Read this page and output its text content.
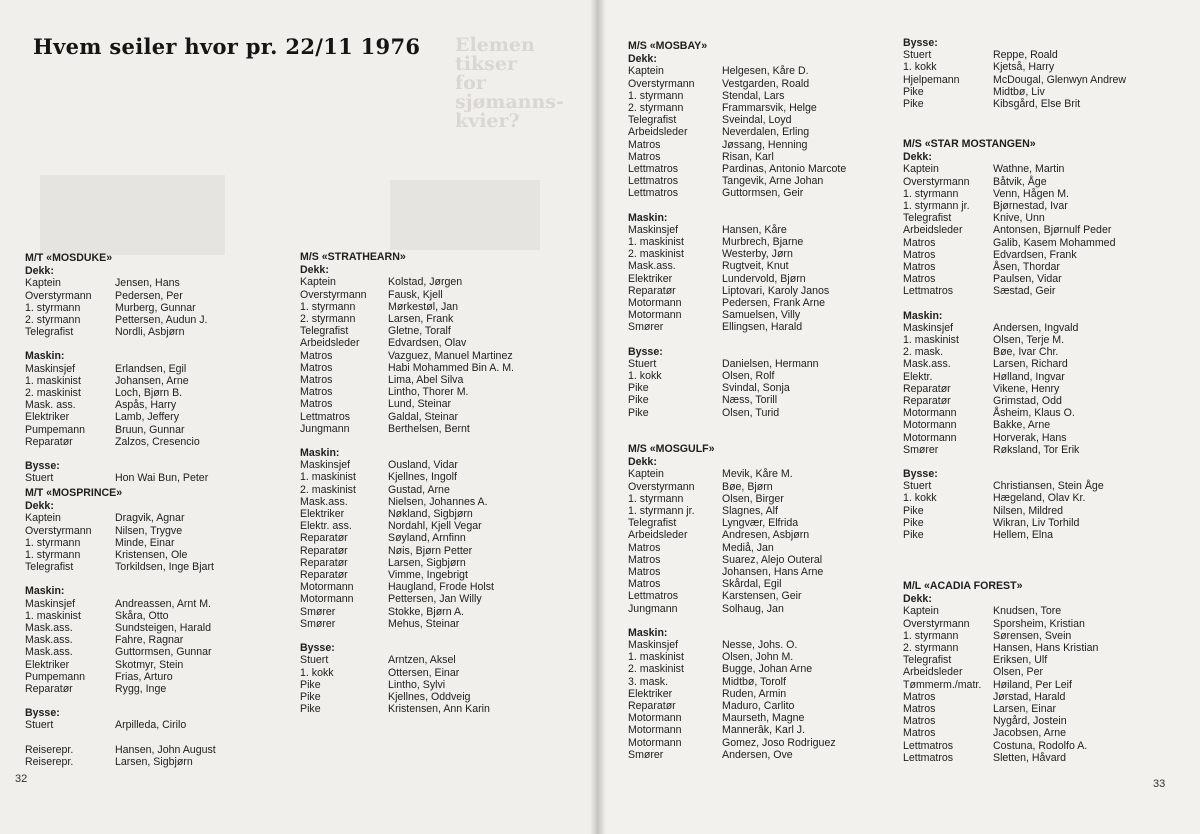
Elemen
tikser
for
sjømanns-
kvier?
Hvem seiler hvor pr. 22/11 1976
M/T «MOSDUKE»
Dekk:
Kaptein	Jensen, Hans
Overstyrmann	Pedersen, Per
1. styrmann	Murberg, Gunnar
2. styrmann	Pettersen, Audun J.
Telegrafist	Nordli, Asbjørn
Maskin:
Maskinsjef	Erlandsen, Egil
1. maskinist	Johansen, Arne
2. maskinist	Loch, Bjørn B.
Mask. ass.	Aspås, Harry
Elektriker	Lamb, Jeffery
Pumpemann	Bruun, Gunnar
Reparatør	Zalzos, Cresencio
Bysse:
Stuert	Hon Wai Bun, Peter
M/T «MOSPRINCE»
Dekk:
Kaptein	Dragvik, Agnar
Overstyrmann	Nilsen, Trygve
1. styrmann	Minde, Einar
1. styrmann	Kristensen, Ole
Telegrafist	Torkildsen, Inge Bjart
Maskin:
Maskinsjef	Andreassen, Arnt M.
1. maskinist	Skåra, Otto
Mask.ass.	Sundsteigen, Harald
Mask.ass.	Fahre, Ragnar
Mask.ass.	Guttormsen, Gunnar
Elektriker	Skotmyr, Stein
Pumpemann	Frias, Arturo
Reparatør	Rygg, Inge
Bysse:
Stuert	Arpilleda, Cirilo
Reiserepr.	Hansen, John August
Reiserepr.	Larsen, Sigbjørn
M/S «STRATHEARN»
Dekk:
Kaptein	Kolstad, Jørgen
Overstyrmann	Fausk, Kjell
1. styrmann	Mørkestøl, Jan
2. styrmann	Larsen, Frank
Telegrafist	Gletne, Toralf
Arbeidsleder	Edvardsen, Olav
Matros	Vazguez, Manuel Martinez
Matros	Habi Mohammed Bin A. M.
Matros	Lima, Abel Silva
Matros	Lintho, Thorer M.
Matros	Lund, Steinar
Lettmatros	Galdal, Steinar
Jungmann	Berthelsen, Bernt
Maskin:
Maskinsjef	Ousland, Vidar
1. maskinist	Kjellnes, Ingolf
2. maskinist	Gustad, Arne
Mask.ass.	Nielsen, Johannes A.
Elektriker	Nøkland, Sigbjørn
Elektr. ass.	Nordahl, Kjell Vegar
Reparatør	Søyland, Arnfinn
Reparatør	Nøis, Bjørn Petter
Reparatør	Larsen, Sigbjørn
Reparatør	Vimme, Ingebrigt
Motormann	Haugland, Frode Holst
Motormann	Pettersen, Jan Willy
Smører	Stokke, Bjørn A.
Smører	Mehus, Steinar
Bysse:
Stuert	Arntzen, Aksel
1. kokk	Ottersen, Einar
Pike	Lintho, Sylvi
Pike	Kjellnes, Oddveig
Pike	Kristensen, Ann Karin
32
M/S «MOSBAY»
Dekk:
Kaptein	Helgesen, Kåre D.
Overstyrmann	Vestgarden, Roald
1. styrmann	Stendal, Lars
2. styrmann	Frammarsvik, Helge
Telegrafist	Sveindal, Loyd
Arbeidsleder	Neverdalen, Erling
Matros	Jøssang, Henning
Matros	Risan, Karl
Lettmatros	Pardinas, Antonio Marcote
Lettmatros	Tangevik, Arne Johan
Lettmatros	Guttormsen, Geir
Maskin:
Maskinsjef	Hansen, Kåre
1. maskinist	Murbrech, Bjarne
2. maskinist	Westerby, Jørn
Mask.ass.	Rugtveit, Knut
Elektriker	Lundervold, Bjørn
Reparatør	Liptovari, Karoly Janos
Motormann	Pedersen, Frank Arne
Motormann	Samuelsen, Villy
Smører	Ellingsen, Harald
Bysse:
Stuert	Danielsen, Hermann
1. kokk	Olsen, Rolf
Pike	Svindal, Sonja
Pike	Næss, Torill
Pike	Olsen, Turid
M/S «MOSGULF»
Dekk:
Kaptein	Mevik, Kåre M.
Overstyrmann	Bøe, Bjørn
1. styrmann	Olsen, Birger
1. styrmann jr.	Slagnes, Alf
Telegrafist	Lyngvær, Elfrida
Arbeidsleder	Andresen, Asbjørn
Matros	Mediå, Jan
Matros	Suarez, Alejo Outeral
Matros	Johansen, Hans Arne
Matros	Skårdal, Egil
Lettmatros	Karstensen, Geir
Jungmann	Solhaug, Jan
Maskin:
Maskinsjef	Nesse, Johs. O.
1. maskinist	Olsen, John M.
2. maskinist	Bugge, Johan Arne
3. mask.	Midtbø, Torolf
Elektriker	Ruden, Armin
Reparatør	Maduro, Carlito
Motormann	Maurseth, Magne
Motormann	Mannerâk, Karl J.
Motormann	Gomez, Joso Rodriguez
Smører	Andersen, Ove
Bysse:
Stuert	Reppe, Roald
1. kokk	Kjetså, Harry
Hjelpemann	McDougal, Glenwyn Andrew
Pike	Midtbø, Liv
Pike	Kibsgård, Else Brit
M/S «STAR MOSTANGEN»
Dekk:
Kaptein	Wathne, Martin
Overstyrmann	Båtvik, Åge
1. styrmann	Venn, Hågen M.
1. styrmann jr.	Bjørnestad, Ivar
Telegrafist	Knive, Unn
Arbeidsleder	Antonsen, Bjørnulf Peder
Matros	Galib, Kasem Mohammed
Matros	Edvardsen, Frank
Matros	Åsen, Thordar
Matros	Paulsen, Vidar
Lettmatros	Sæstad, Geir
Maskin:
Maskinsjef	Andersen, Ingvald
1. maskinist	Olsen, Terje M.
2. mask.	Bøe, Ivar Chr.
Mask.ass.	Larsen, Richard
Elektr.	Hølland, Ingvar
Reparatør	Vikene, Henry
Reparatør	Grimstad, Odd
Motormann	Åsheim, Klaus O.
Motormann	Bakke, Arne
Motormann	Horverak, Hans
Smører	Røksland, Tor Erik
Bysse:
Stuert	Christiansen, Stein Åge
1. kokk	Hægeland, Olav Kr.
Pike	Nilsen, Mildred
Pike	Wikran, Liv Torhild
Pike	Hellem, Elna
M/L «ACADIA FOREST»
Dekk:
Kaptein	Knudsen, Tore
Overstyrmann	Sporsheim, Kristian
1. styrmann	Sørensen, Svein
2. styrmann	Hansen, Hans Kristian
Telegrafist	Eriksen, Ulf
Arbeidsleder	Olsen, Per
Tømmerm./matr.	Høiland, Per Leif
Matros	Jørstad, Harald
Matros	Larsen, Einar
Matros	Nygård, Jostein
Matros	Jacobsen, Arne
Lettmatros	Costuna, Rodolfo A.
Lettmatros	Sletten, Håvard
33
